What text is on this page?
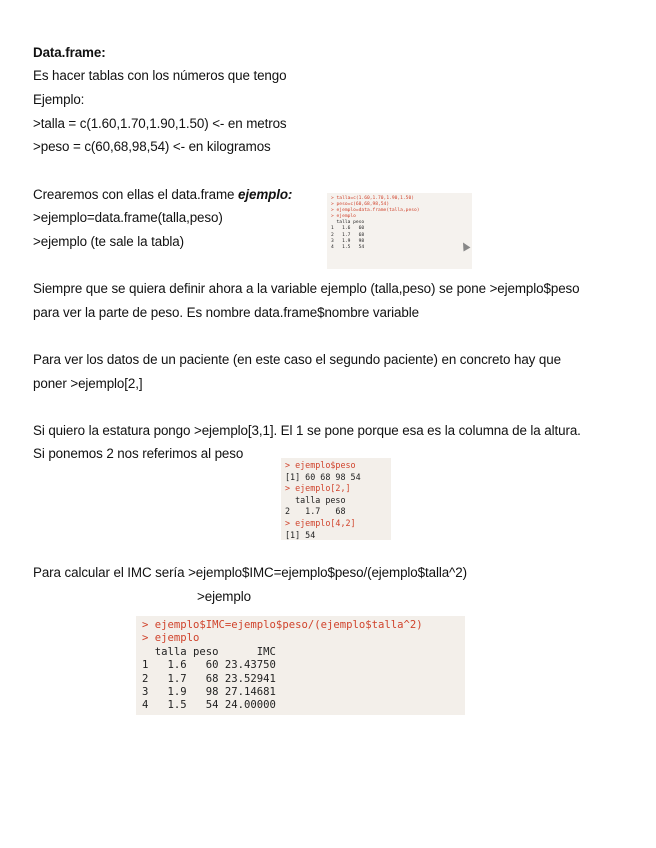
Data.frame:
Es hacer tablas con los números que tengo
Ejemplo:
>talla = c(1.60,1.70,1.90,1.50) <- en metros
>peso = c(60,68,98,54) <- en kilogramos
Crearemos con ellas el data.frame ejemplo:
>ejemplo=data.frame(talla,peso)
>ejemplo (te sale la tabla)
> talla=c(1.60,1.70,1.90,1.50)
> peso=c(60,68,98,54)
> ejemplo=data.frame(talla,peso)
> ejemplo
talla peso
1   1.6   60
2   1.7   68
3   1.9   98
4   1.5   54
Siempre que se quiera definir ahora a la variable ejemplo (talla,peso) se pone >ejemplo$peso
para ver la parte de peso. Es nombre data.frame$nombre variable
Para ver los datos de un paciente (en este caso el segundo paciente) en concreto hay que
poner >ejemplo[2,]
Si quiero la estatura pongo >ejemplo[3,1]. El 1 se pone porque esa es la columna de la altura.
Si ponemos 2 nos referimos al peso
> ejemplo$peso
[1] 60 68 98 54
> ejemplo[2,]
talla peso
2   1.7   68
> ejemplo[4,2]
[1] 54
Para calcular el IMC sería >ejemplo$IMC=ejemplo$peso/(ejemplo$talla^2)
>ejemplo
> ejemplo$IMC=ejemplo$peso/(ejemplo$talla^2)
> ejemplo
talla peso      IMC
1   1.6   60 23.43750
2   1.7   68 23.52941
3   1.9   98 27.14681
4   1.5   54 24.00000
